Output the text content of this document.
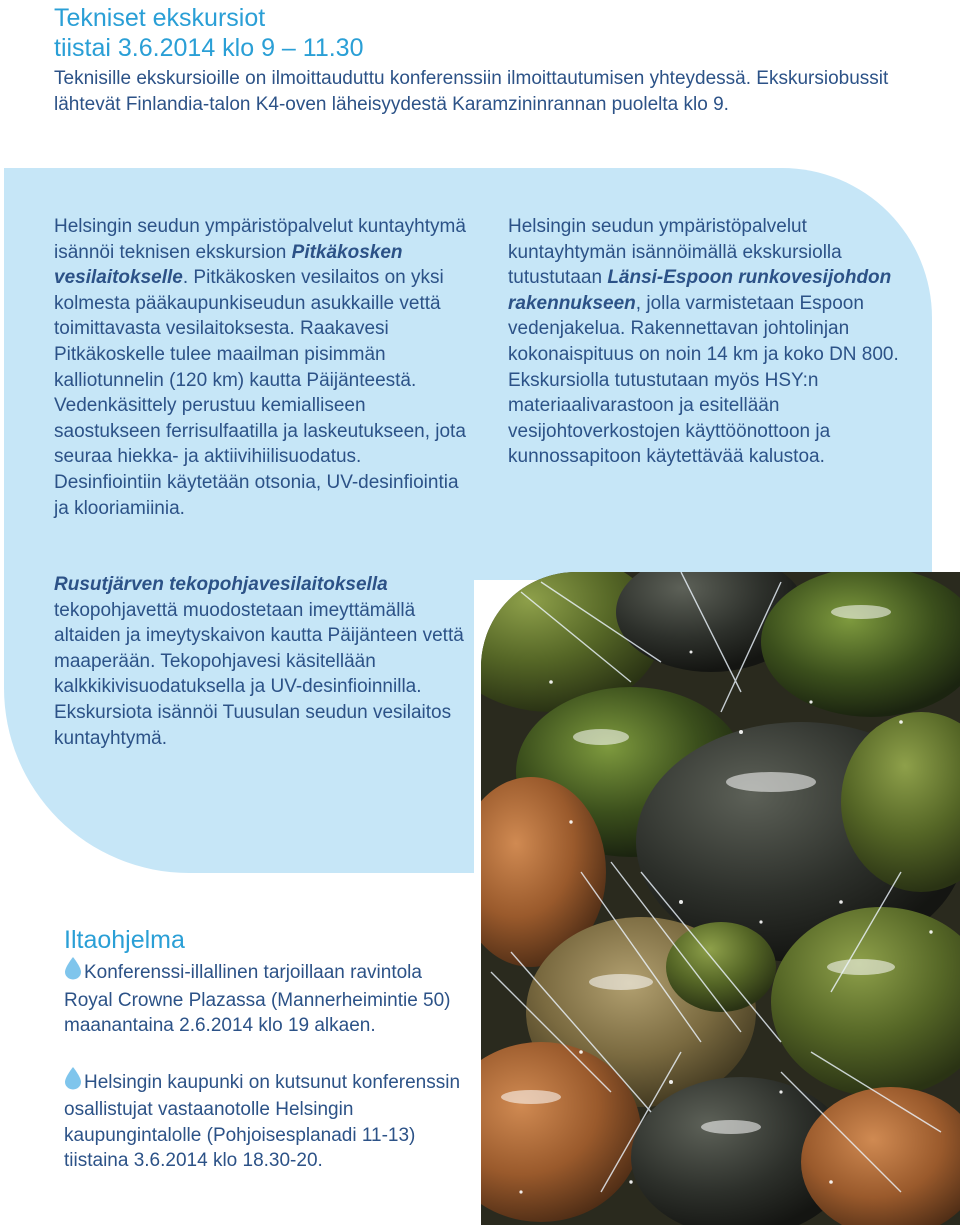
Tekniset ekskursiot
tiistai 3.6.2014 klo 9 – 11.30
Teknisille ekskursioille on ilmoittauduttu konferenssiin ilmoittautumisen yhteydessä. Ekskursiobussit lähtevät Finlandia-talon K4-oven läheisyydestä Karamzininrannan puolelta klo 9.
Helsingin seudun ympäristöpalvelut kuntayhtymä isännöi teknisen ekskursion Pitkäkosken vesilaitokselle. Pitkäkosken vesilaitos on yksi kolmesta pääkaupunkiseudun asukkaille vettä toimittavasta vesilaitoksesta. Raakavesi Pitkäkoskelle tulee maailman pisimmän kalliotunnelin (120 km) kautta Päijänteestä. Vedenkäsittely perustuu kemialliseen saostukseen ferrisulfaatilla ja laskeutukseen, jota seuraa hiekka- ja aktiivihiilisuodatus. Desinfiointiin käytetään otsonia, UV-desinfiointia ja klooriamiinia.
Helsingin seudun ympäristöpalvelut kuntayhtymän isännöimällä ekskursiolla tutustutaan Länsi-Espoon runkovesijohdon rakennukseen, jolla varmistetaan Espoon vedenjakelua. Rakennettavan johtolinjan kokonaispituus on noin 14 km ja koko DN 800. Ekskursiolla tutustutaan myös HSY:n materiaalivarastoon ja esitellään vesijohtoverkostojen käyttöönottoon ja kunnossapitoon käytettävää kalustoa.
Rusutjärven tekopohjavesilaitoksella
tekopohjavettä muodostetaan imeyttämällä altaiden ja imeytyskaivon kautta Päijänteen vettä maaperään. Tekopohjavesi käsitellään kalkkikivisuodatuksella ja UV-desinfioinnilla. Ekskursiota isännöi Tuusulan seudun vesilaitos kuntayhtymä.
Iltaohjelma
Konferenssi-illallinen tarjoillaan ravintola Royal Crowne Plazassa (Mannerheimintie 50) maanantaina 2.6.2014 klo 19 alkaen.
Helsingin kaupunki on kutsunut konferenssin osallistujat vastaanotolle Helsingin kaupungintalolle (Pohjoisesplanadi 11-13) tiistaina 3.6.2014 klo 18.30-20.
